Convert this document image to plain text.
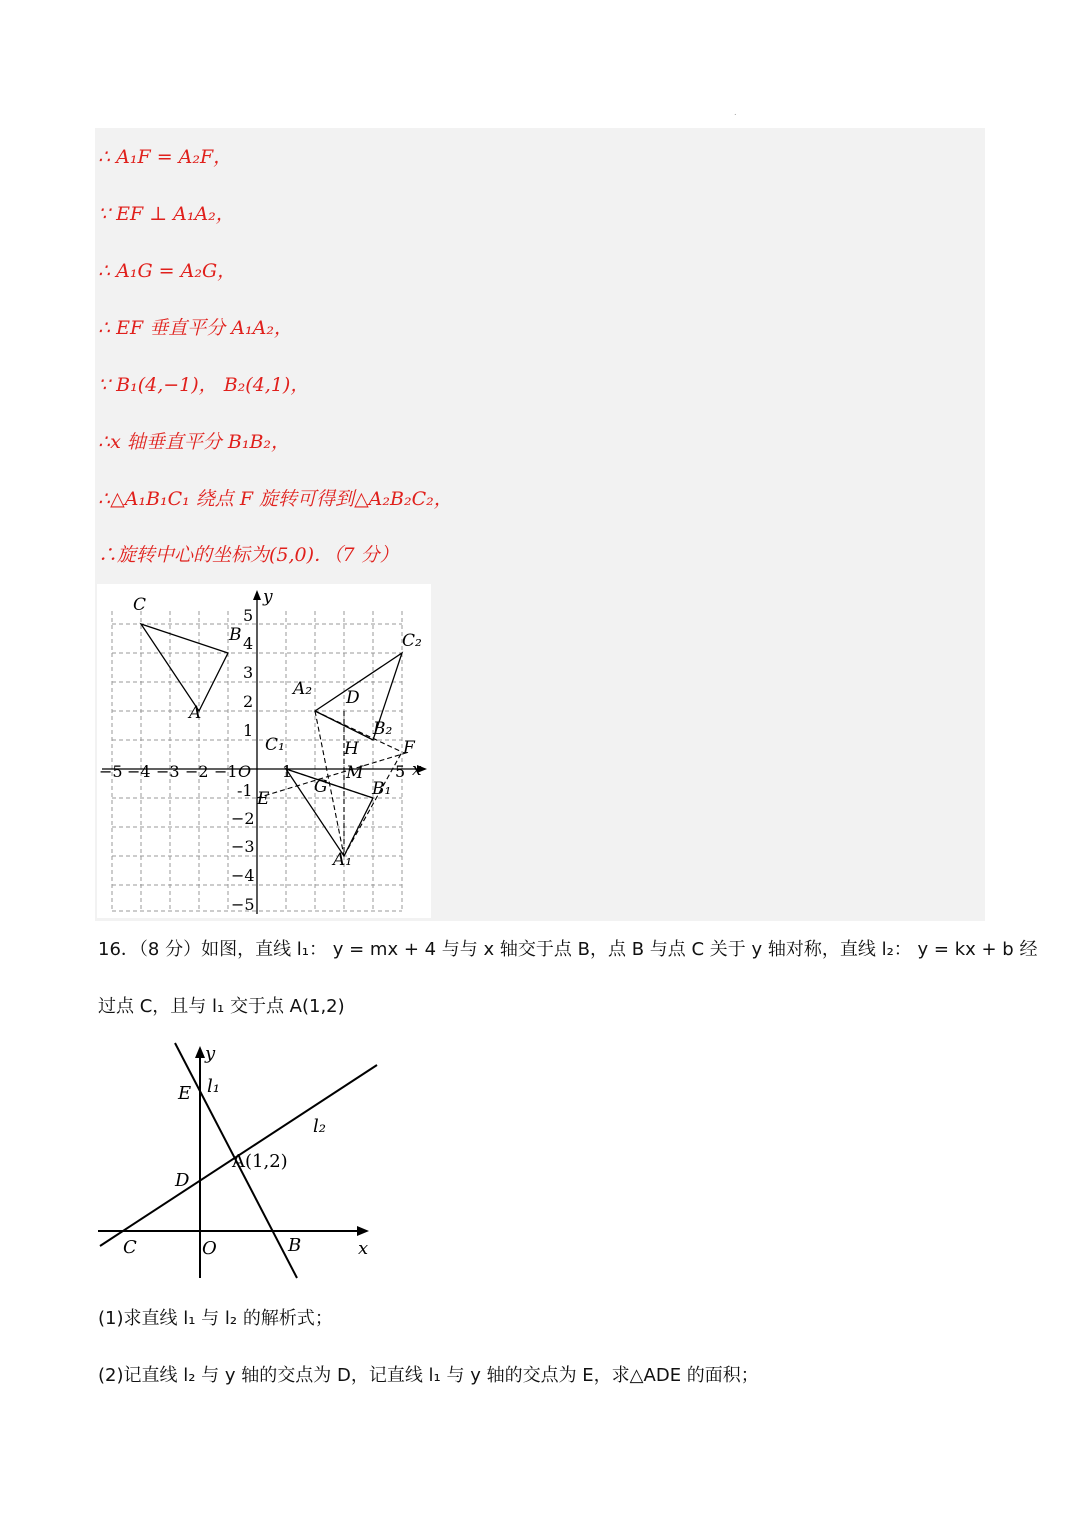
.
∴ A₁F = A₂F，
∵ EF ⊥ A₁A₂，
∴ A₁G = A₂G，
∴ EF 垂直平分 A₁A₂，
∵ B₁(4,−1)， B₂(4,1)，
∴x 轴垂直平分 B₁B₂，
∴△A₁B₁C₁ 绕点 F 旋转可得到△A₂B₂C₂，
∴旋转中心的坐标为(5,0)．（7 分）
−5 −4 −3 −2 −1 O 1	5
5
4
3
2
1
-1
−2
−3
−4
−5
x
y
C
B
A
C₂
A₂ D
B₂
C₁	H	F
M
G	B₁
E
A₁
16．（8 分）如图，直线 l₁： y = mx + 4 与与 x 轴交于点 B，点 B 与点 C 关于 y 轴对称，直线 l₂： y = kx + b 经
过点 C，且与 l₁ 交于点 A(1,2)
y
E l₁
l₂
A(1,2)
D
C	O	B	x
(1)求直线 l₁ 与 l₂ 的解析式；
(2)记直线 l₂ 与 y 轴的交点为 D，记直线 l₁ 与 y 轴的交点为 E，求△ADE 的面积；
